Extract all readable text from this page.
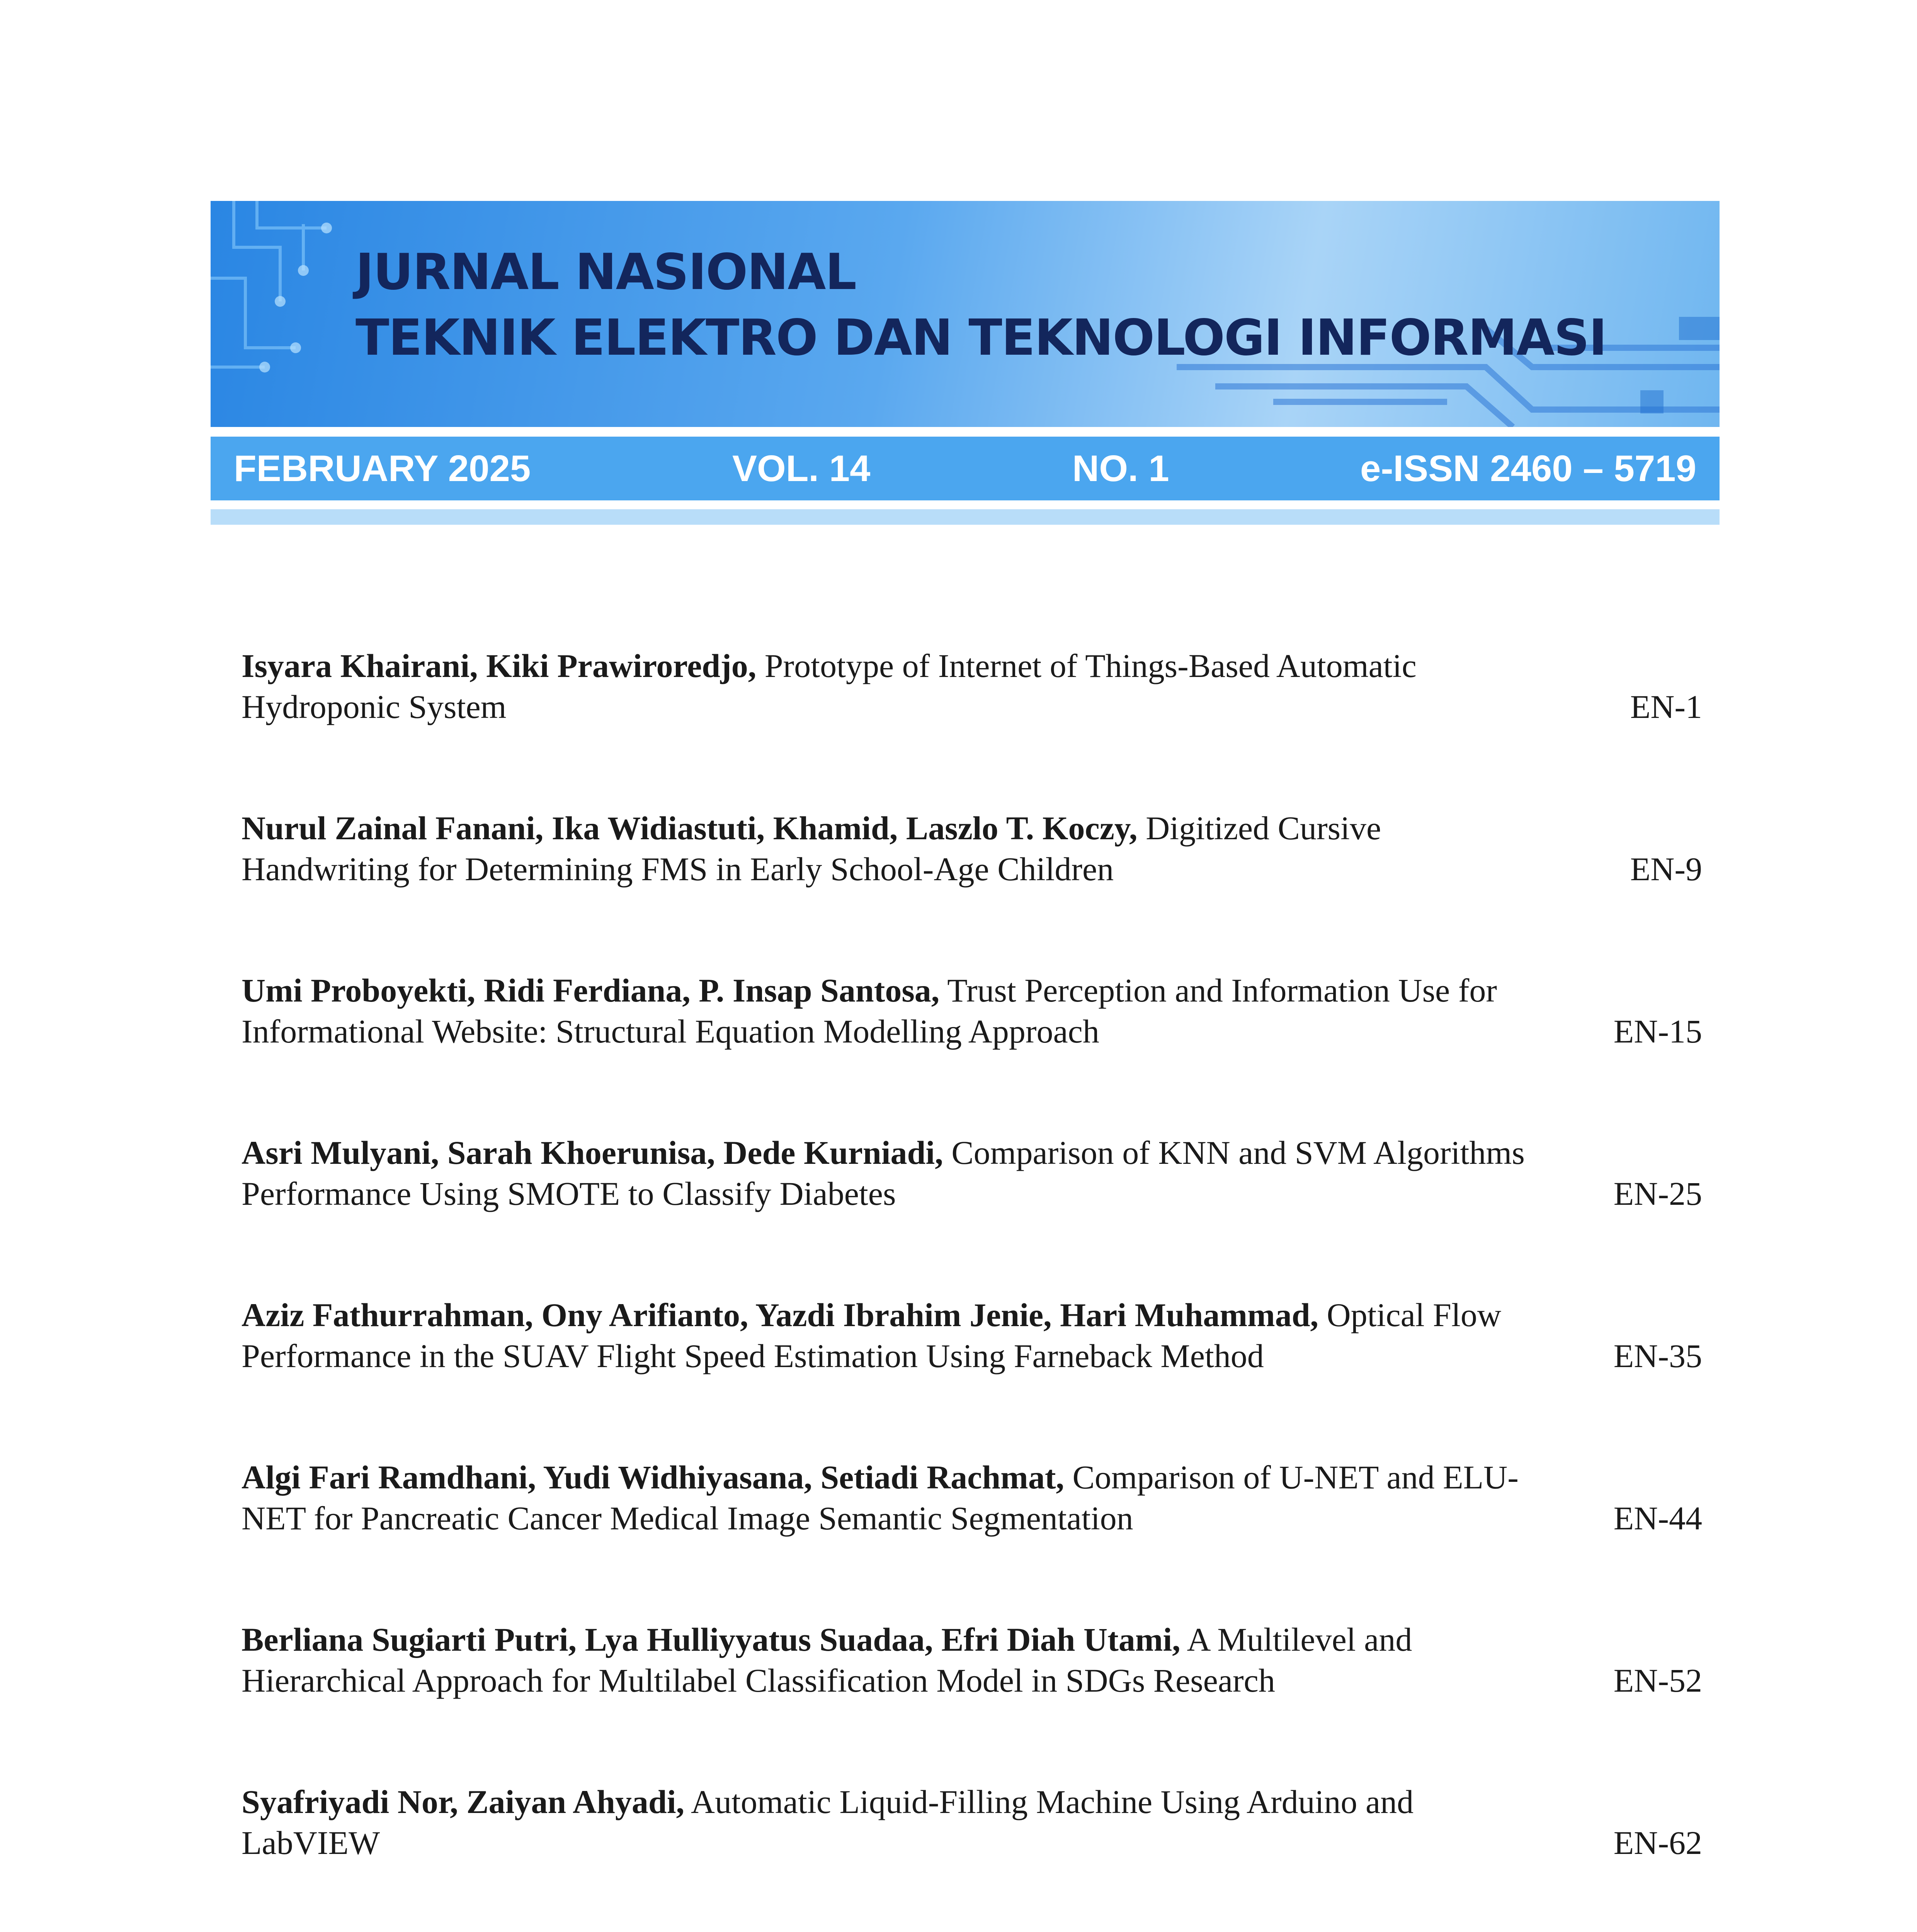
JURNAL NASIONAL
TEKNIK ELEKTRO DAN TEKNOLOGI INFORMASI
FEBRUARY 2025	VOL. 14	NO. 1	e-ISSN 2460 – 5719
Isyara Khairani, Kiki Prawiroredjo, Prototype of Internet of Things-Based Automatic Hydroponic System	EN-1
Nurul Zainal Fanani, Ika Widiastuti, Khamid, Laszlo T. Koczy, Digitized Cursive Handwriting for Determining FMS in Early School-Age Children	EN-9
Umi Proboyekti, Ridi Ferdiana, P. Insap Santosa, Trust Perception and Information Use for Informational Website: Structural Equation Modelling Approach	EN-15
Asri Mulyani, Sarah Khoerunisa, Dede Kurniadi, Comparison of KNN and SVM Algorithms Performance Using SMOTE to Classify Diabetes	EN-25
Aziz Fathurrahman, Ony Arifianto, Yazdi Ibrahim Jenie, Hari Muhammad, Optical Flow Performance in the SUAV Flight Speed Estimation Using Farneback Method	EN-35
Algi Fari Ramdhani, Yudi Widhiyasana, Setiadi Rachmat, Comparison of U-NET and ELU-NET for Pancreatic Cancer Medical Image Semantic Segmentation	EN-44
Berliana Sugiarti Putri, Lya Hulliyyatus Suadaa, Efri Diah Utami, A Multilevel and Hierarchical Approach for Multilabel Classification Model in SDGs Research	EN-52
Syafriyadi Nor, Zaiyan Ahyadi, Automatic Liquid-Filling Machine Using Arduino and LabVIEW	EN-62
